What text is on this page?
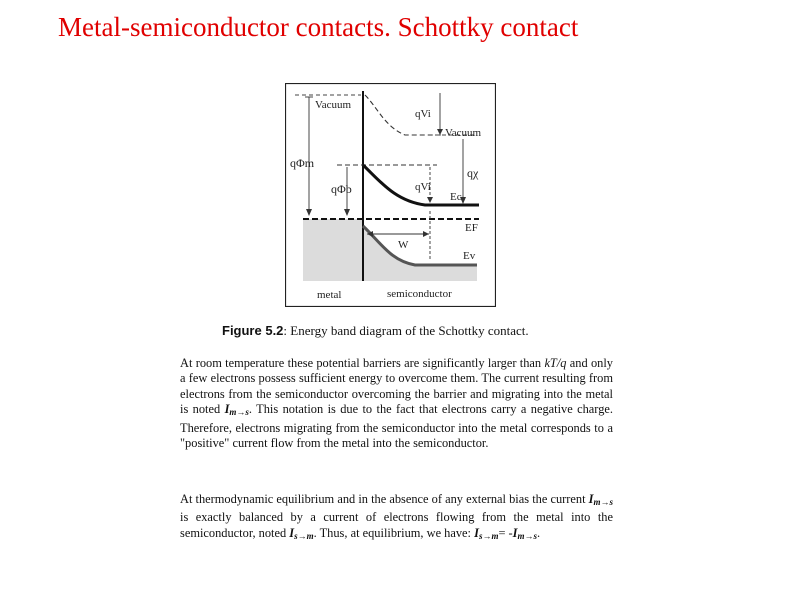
Metal-semiconductor contacts. Schottky contact
Vacuum
qVi
Vacuum
qΦm
qχ
qΦb	qVi
Ec
EF
W
Ev
metal	semiconductor
Figure 5.2: Energy band diagram of the Schottky contact.

At room temperature these potential barriers are significantly larger than kT/q and only a few electrons possess sufficient energy to overcome them. The current resulting from electrons from the semiconductor overcoming the barrier and migrating into the metal is noted $I_{m\to s}$. This notation is due to the fact that electrons carry a negative charge. Therefore, electrons migrating from the semiconductor into the metal corresponds to a "positive" current flow from the metal into the semiconductor.

At thermodynamic equilibrium and in the absence of any external bias the current $I_{m\to s}$ is exactly balanced by a current of electrons flowing from the metal into the semiconductor, noted $I_{s\to m}$. Thus, at equilibrium, we have: $I_{s\to m}= -I_{m\to s}$.
